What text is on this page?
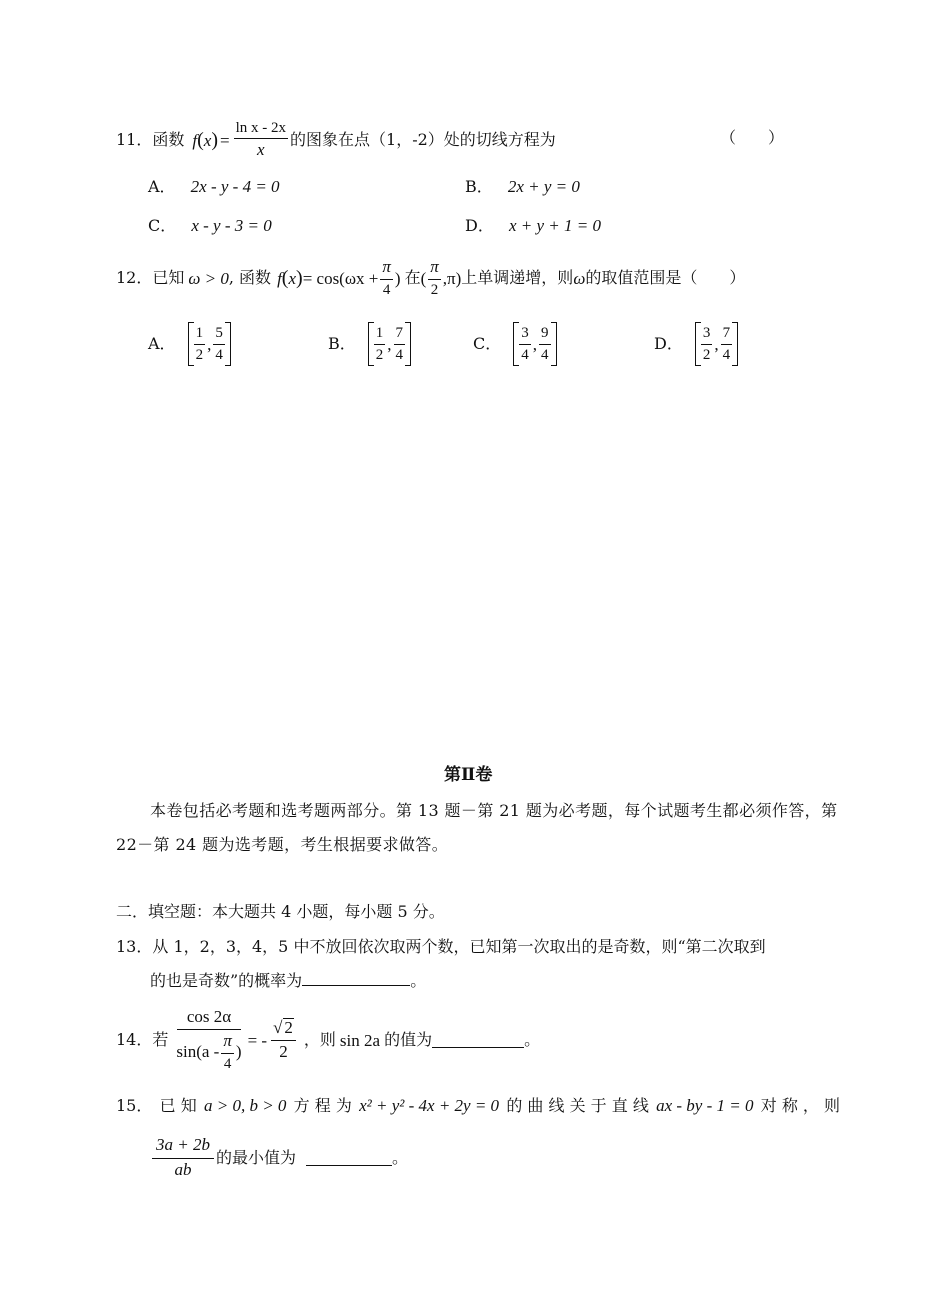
11． 函数 f ( x ) = $\frac{\text{ln x - 2x}}{x}$ 的图象在点（1，-2）处的切线方程为	（　　）
A． 2x - y - 4 = 0	B． 2x + y = 0
C． x - y - 3 = 0	D． x + y + 1 = 0
12． 已知 ω > 0 , 函数 f ( x ) = $\cos(\omega x + \frac{\pi}{4}$ ) 在 ( $\frac{\pi}{2} ,\pi$) 上单调递增，则 ω 的取值范围是（　　）
A． $\frac{1}{2}$ , $\frac{5}{4}$	B． $\frac{1}{2}$ , $\frac{7}{4}$	C． $\frac{3}{4}$ , $\frac{9}{4}$	D． $\frac{3}{2}$ , $\frac{7}{4}$
第Ⅱ卷
本卷包括必考题和选考题两部分。第 13 题－第 21 题为必考题，每个试题考生都必须作答，第 22－第 24 题为选考题，考生根据要求做答。
二．填空题：本大题共 4 小题，每小题 5 分。
13．从 1，2，3，4，5 中不放回依次取两个数，已知第一次取出的是奇数，则“第二次取到
的也是奇数”的概率为	。
14． 若 $\frac{\cos 2\alpha}{\sin(a - \frac{\pi}{4} )}$ = - $\frac{√ 2}{2}$ ，则 sin 2a 的值为	。
15． 已 知 a > 0, b > 0 方 程 为 x² + y² - 4x + 2y = 0 的 曲 线 关 于 直 线 ax - by - 1 = 0 对 称 ， 则
$\frac{3a + 2b}{ab}$ 的最小值为	。
